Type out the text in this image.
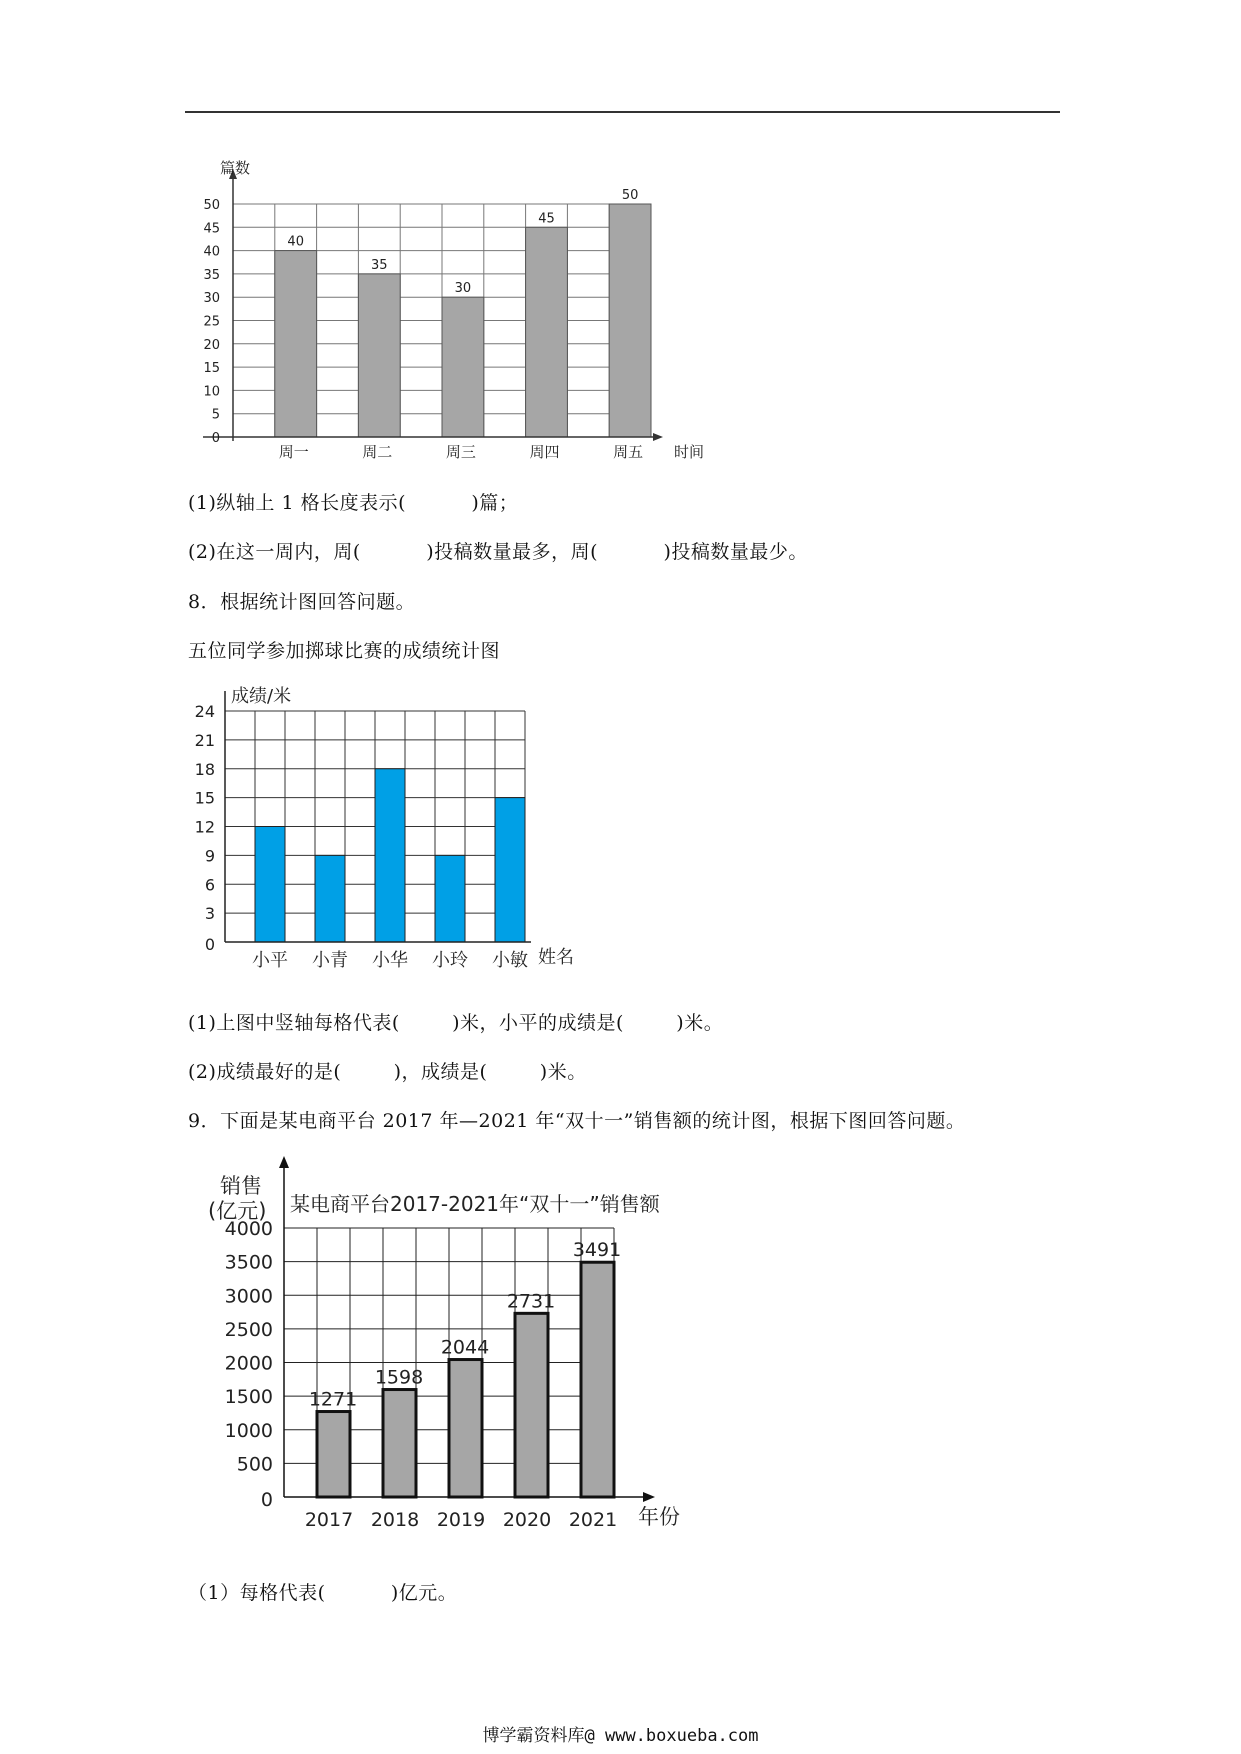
40
周一
35
周二
30
周三
45
周四
50
周五
0
5
10
15
20
25
30
35
40
45
50
篇数
时间
(1)纵轴上 1 格长度表示(          )篇；
(2)在这一周内，周(          )投稿数量最多，周(          )投稿数量最少。
8．根据统计图回答问题。
五位同学参加掷球比赛的成绩统计图
小平 小青 小华 小玲 小敏
0
3
6
9
12
15
18
21
24
成绩/米
姓名
(1)上图中竖轴每格代表(        )米，小平的成绩是(        )米。
(2)成绩最好的是(        )，成绩是(        )米。
9．下面是某电商平台 2017 年—2021 年“双十一”销售额的统计图，根据下图回答问题。
1271
2017
1598
2018
2044
2019
2731
2020
3491
2021
0
500
1000
1500
2000
2500
3000
3500
4000
销售
(亿元) 某电商平台2017-2021年“双十一”销售额
年份
（1）每格代表(          )亿元。
博学霸资料库@ www.boxueba.com
